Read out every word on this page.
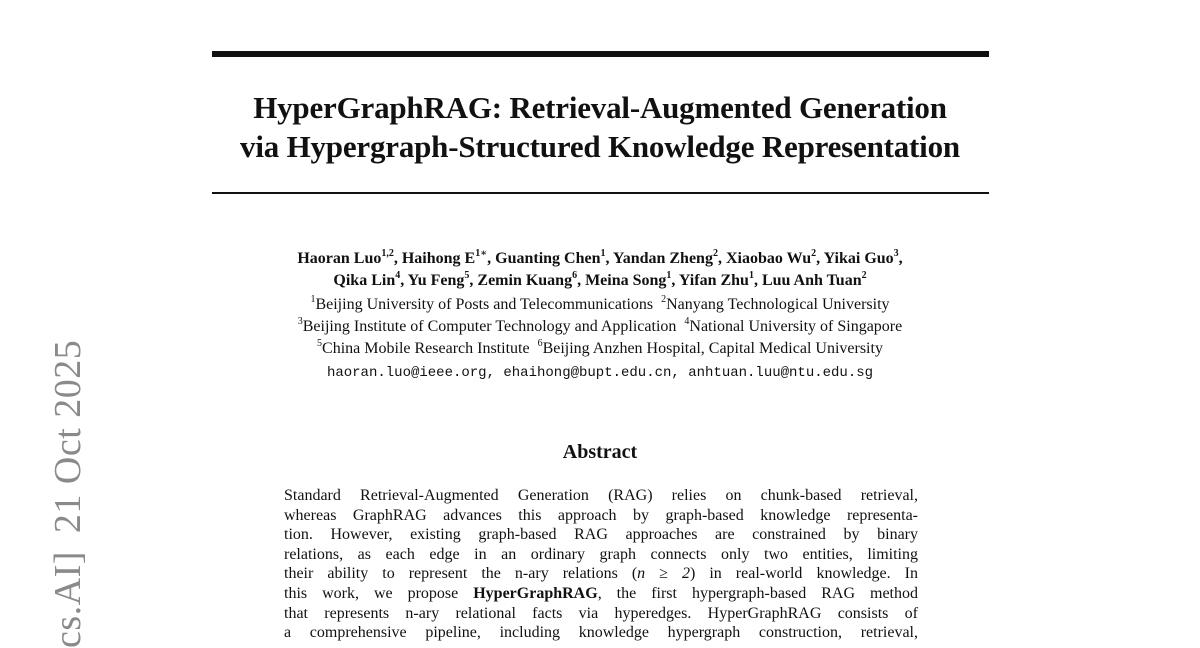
HyperGraphRAG: Retrieval-Augmented Generation
via Hypergraph-Structured Knowledge Representation
Haoran Luo$^{1,2}$, Haihong $E^{1∗}$, Guanting Chen$^1$, Yandan Zheng$^2$, Xiaobao Wu$^2$, Yikai Guo$^3$,
Qika Lin$^4$, Yu Feng$^5$, Zemin Kuang$^6$, Meina Song$^1$, Yifan Zhu$^1$, Luu Anh Tuan$^2$
$^1$Beijing University of Posts and Telecommunications $^2$Nanyang Technological University
$^3$Beijing Institute of Computer Technology and Application $^4$National University of Singapore
$^5$China Mobile Research Institute $^6$Beijing Anzhen Hospital, Capital Medical University
haoran.luo@ieee.org, ehaihong@bupt.edu.cn, anhtuan.luu@ntu.edu.sg
Abstract
Standard Retrieval-Augmented Generation (RAG) relies on chunk-based retrieval,
whereas GraphRAG advances this approach by graph-based knowledge representa-
tion. However, existing graph-based RAG approaches are constrained by binary
relations, as each edge in an ordinary graph connects only two entities, limiting
their ability to represent the n-ary relations (n ≥ 2) in real-world knowledge. In
this work, we propose HyperGraphRAG, the first hypergraph-based RAG method
that represents n-ary relational facts via hyperedges. HyperGraphRAG consists of
a comprehensive pipeline, including knowledge hypergraph construction, retrieval,
cs.AI]21 Oct 2025
